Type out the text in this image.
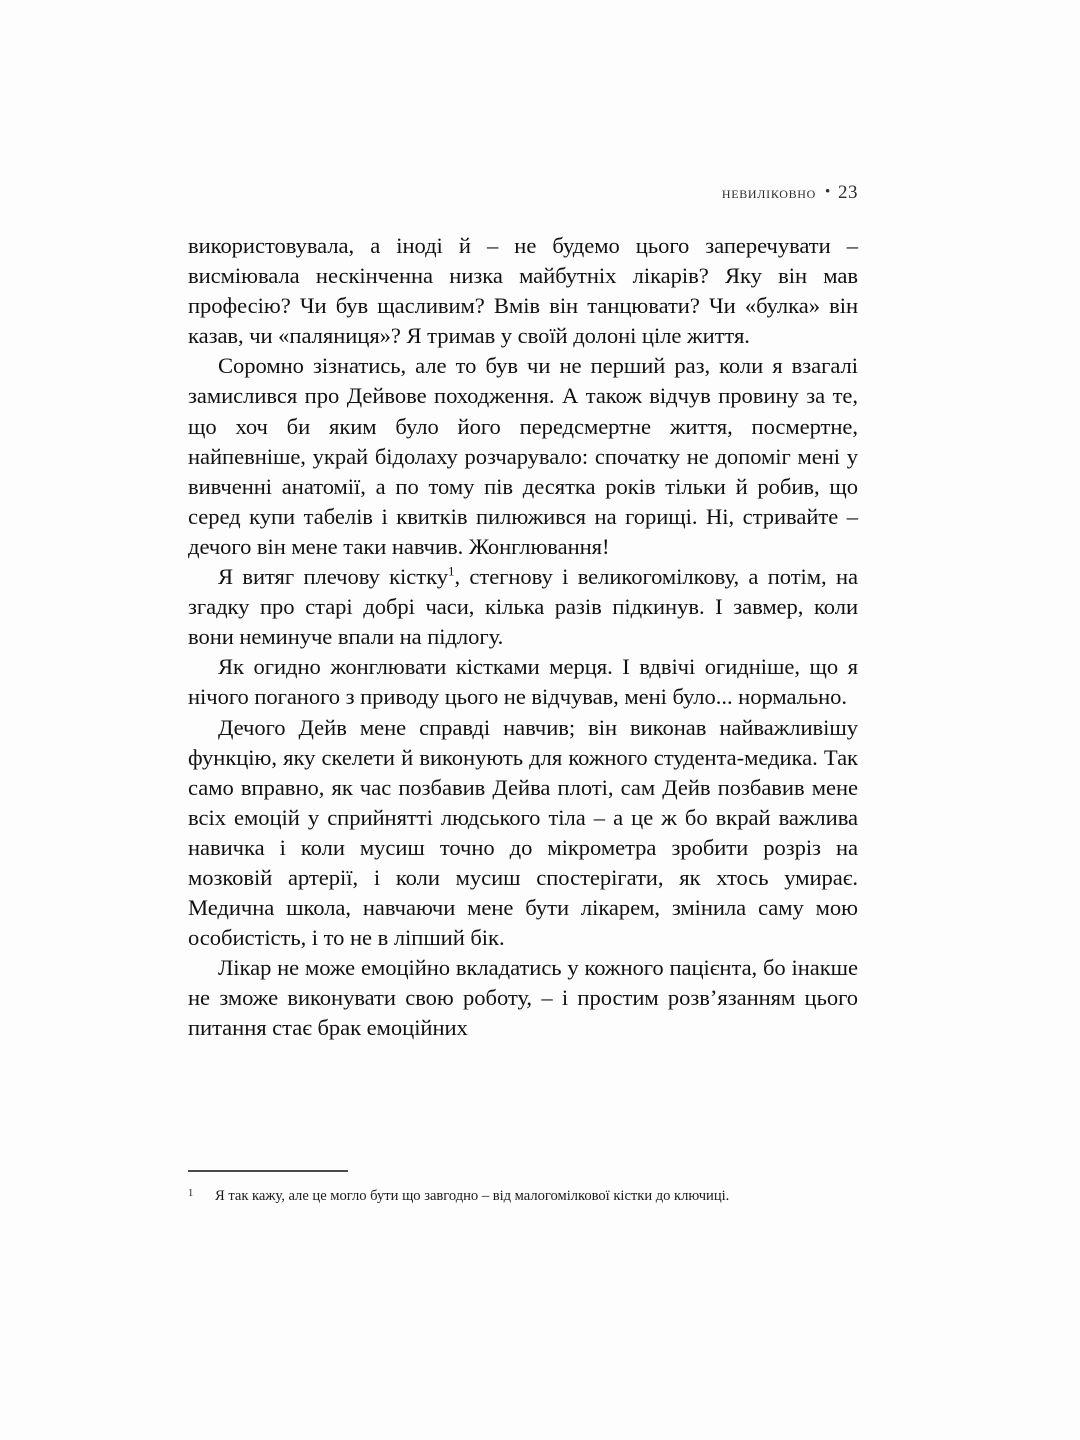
невиліковно • 23

використовувала, а іноді й – не будемо цього заперечувати – висміювала нескінченна низка майбутніх лікарів? Яку він мав професію? Чи був щасливим? Вмів він танцювати? Чи «булка» він казав, чи «паляниця»? Я тримав у своїй долоні ціле життя.

Соромно зізнатись, але то був чи не перший раз, коли я взагалі замислився про Дейвове походження. А також відчув провину за те, що хоч би яким було його передсмертне життя, посмертне, найпевніше, украй бідолаху розчарувало: спочатку не допоміг мені у вивченні анатомії, а по тому пів десятка років тільки й робив, що серед купи табелів і квитків пилюжився на горищі. Ні, стривайте – дечого він мене таки навчив. Жонглювання!

Я витяг плечову кістку$^1$, стегнову і великогомілкову, а потім, на згадку про старі добрі часи, кілька разів підкинув. І завмер, коли вони неминуче впали на підлогу.

Як огидно жонглювати кістками мерця. І вдвічі огидніше, що я нічого поганого з приводу цього не відчував, мені було... нормально.

Дечого Дейв мене справді навчив; він виконав найважливішу функцію, яку скелети й виконують для кожного студента-медика. Так само вправно, як час позбавив Дейва плоті, сам Дейв позбавив мене всіх емоцій у сприйнятті людського тіла – а це ж бо вкрай важлива навичка і коли мусиш точно до мікрометра зробити розріз на мозковій артерії, і коли мусиш спостерігати, як хтось умирає. Медична школа, навчаючи мене бути лікарем, змінила саму мою особистість, і то не в ліпший бік.

Лікар не може емоційно вкладатись у кожного пацієнта, бо інакше не зможе виконувати свою роботу, – і простим розв’язанням цього питання стає брак емоційних

1	Я так кажу, але це могло бути що завгодно – від малогомілкової кістки до ключиці.
